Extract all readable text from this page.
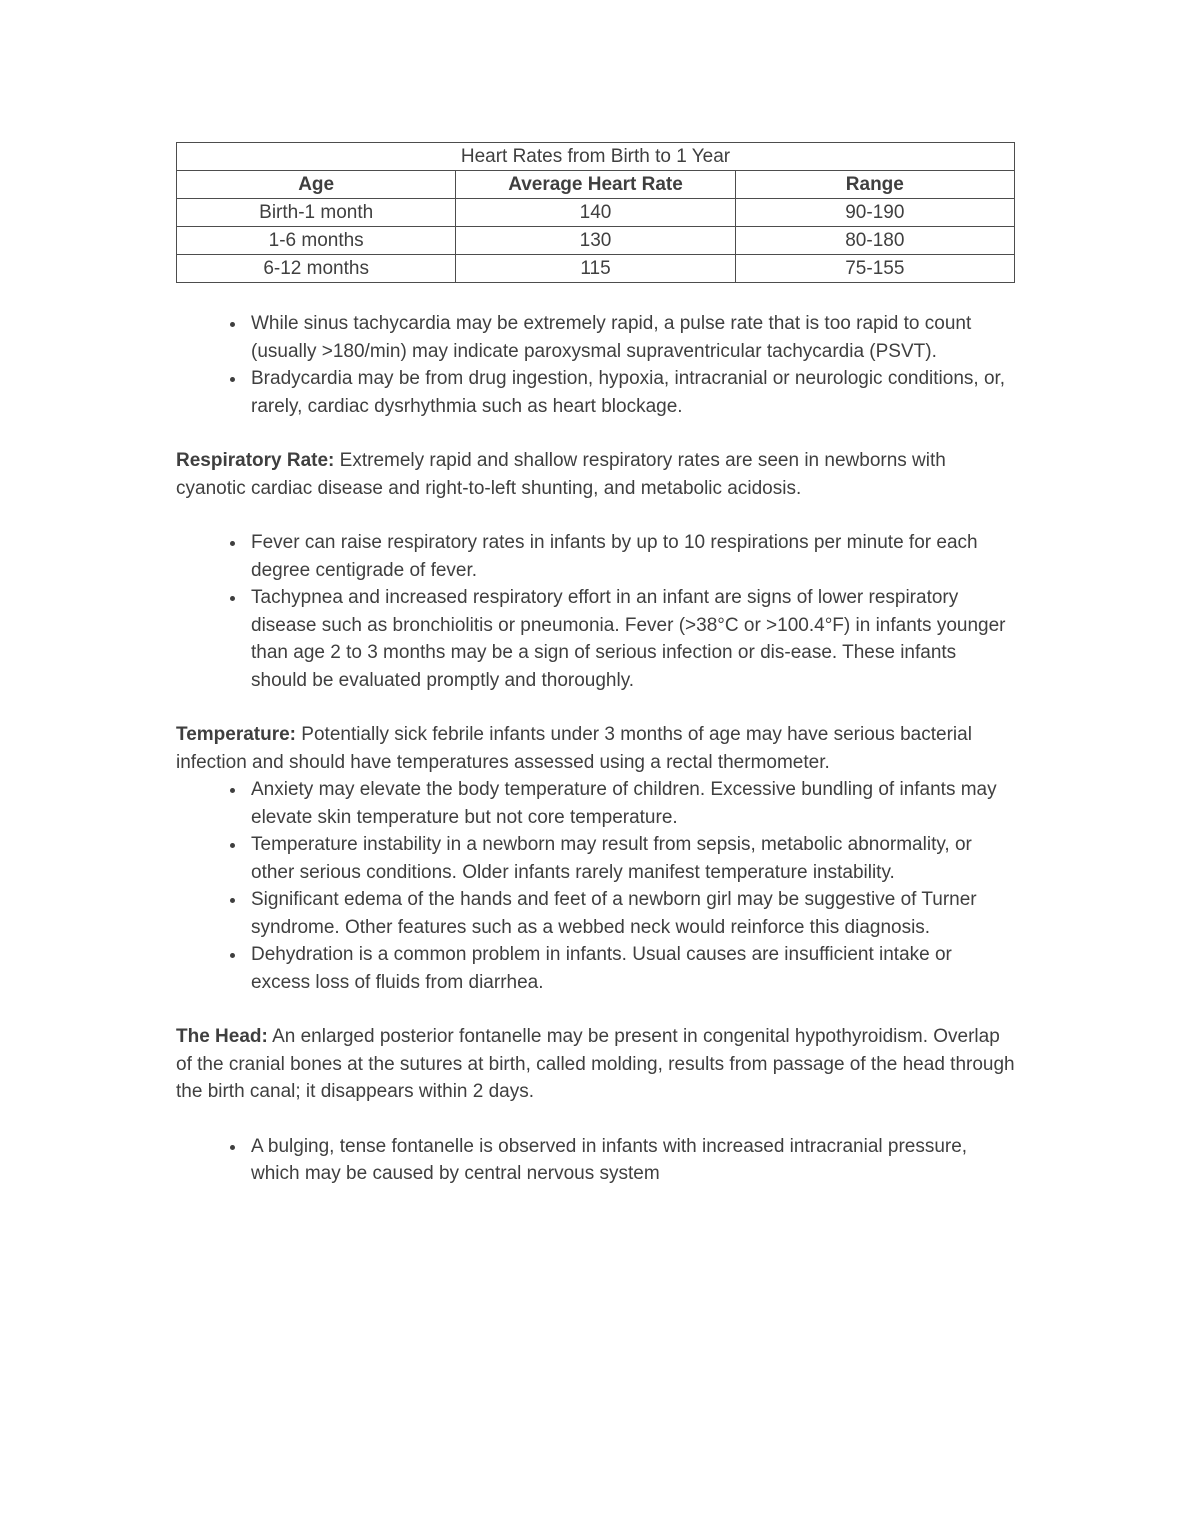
Heart Rates from Birth to 1 Year		
Age	Average Heart Rate	Range
Birth-1 month	140	90-190
1-6 months	130	80-180
6-12 months	115	75-155
• While sinus tachycardia may be extremely rapid, a pulse rate that is too rapid to count (usually >180/min) may indicate paroxysmal supraventricular tachycardia (PSVT).
• Bradycardia may be from drug ingestion, hypoxia, intracranial or neurologic conditions, or, rarely, cardiac dysrhythmia such as heart blockage.

Respiratory Rate: Extremely rapid and shallow respiratory rates are seen in newborns with cyanotic cardiac disease and right-to-left shunting, and metabolic acidosis.

• Fever can raise respiratory rates in infants by up to 10 respirations per minute for each degree centigrade of fever.
• Tachypnea and increased respiratory effort in an infant are signs of lower respiratory disease such as bronchiolitis or pneumonia. Fever (>38°C or >100.4°F) in infants younger than age 2 to 3 months may be a sign of serious infection or dis-ease. These infants should be evaluated promptly and thoroughly.

Temperature: Potentially sick febrile infants under 3 months of age may have serious bacterial infection and should have temperatures assessed using a rectal thermometer.

• Anxiety may elevate the body temperature of children. Excessive bundling of infants may elevate skin temperature but not core temperature.
• Temperature instability in a newborn may result from sepsis, metabolic abnormality, or other serious conditions. Older infants rarely manifest temperature instability.
• Significant edema of the hands and feet of a newborn girl may be suggestive of Turner syndrome. Other features such as a webbed neck would reinforce this diagnosis.
• Dehydration is a common problem in infants. Usual causes are insufficient intake or excess loss of fluids from diarrhea.

The Head: An enlarged posterior fontanelle may be present in congenital hypothyroidism. Overlap of the cranial bones at the sutures at birth, called molding, results from passage of the head through the birth canal; it disappears within 2 days.

• A bulging, tense fontanelle is observed in infants with increased intracranial pressure, which may be caused by central nervous system
